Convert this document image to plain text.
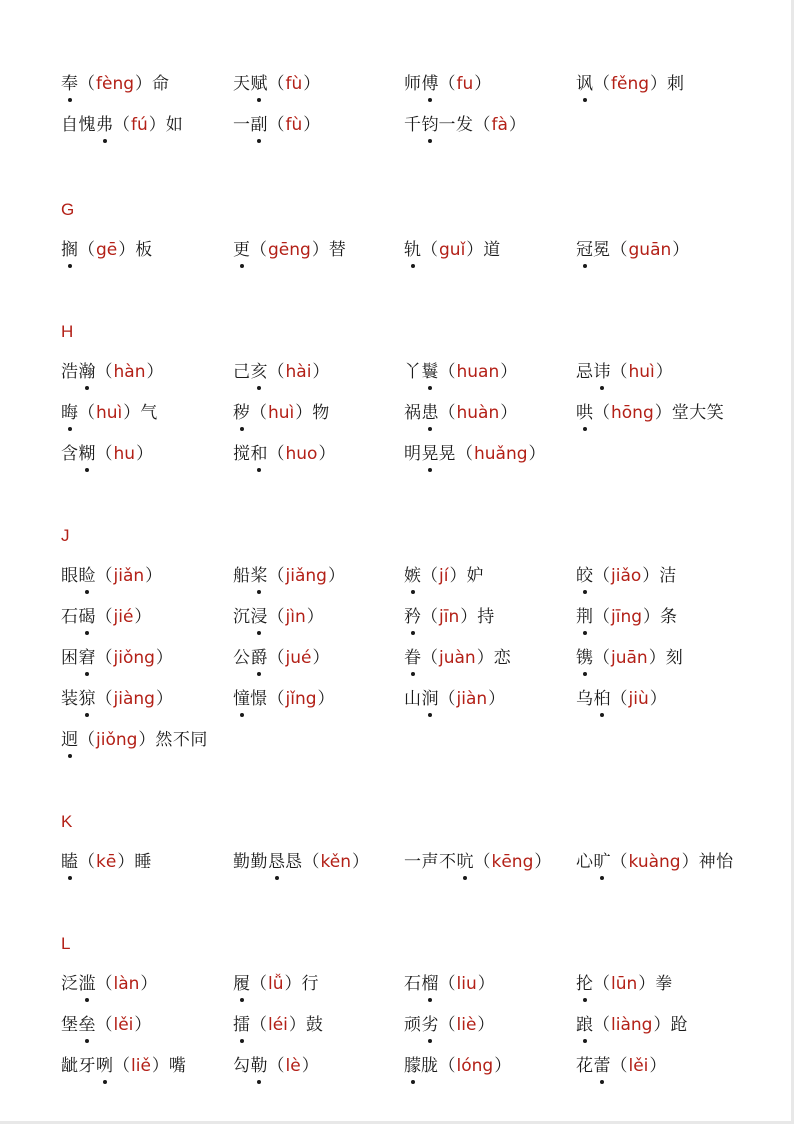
奉（fèng）命	天赋（fù）	师傅（fu）	讽（fěng）刺
自愧弗（fú）如	一副（fù）	千钧一发（fà）
G
搁（gē）板	更（gēng）替	轨（guǐ）道	冠冕（guān）
H
浩瀚（hàn）	己亥（hài）	丫鬟（huan）	忌讳（huì）
晦（huì）气	秽（huì）物	祸患（huàn）	哄（hōng）堂大笑
含糊（hu）	搅和（huo）	明晃晃（huǎng）
J
眼睑（jiǎn）	船桨（jiǎng）	嫉（jí）妒	皎（jiǎo）洁
石碣（jié）	沉浸（jìn）	矜（jīn）持	荆（jīng）条
困窘（jiǒng）	公爵（jué）	眷（juàn）恋	镌（juān）刻
装猄（jiàng）	憧憬（jǐng）	山涧（jiàn）	乌桕（jiù）
迥（jiǒng）然不同
K
瞌（kē）睡	勤勤恳恳（kěn） 一声不吭（kēng） 心旷（kuàng）神怡
L
泛滥（làn）	履（lǚ）行	石榴（liu）	抡（lūn）拳
堡垒（lěi）	擂（léi）鼓	顽劣（liè）	踉（liàng）跄
龇牙咧（liě）嘴	勾勒（lè）	朦胧（lóng）	花蕾（lěi）
